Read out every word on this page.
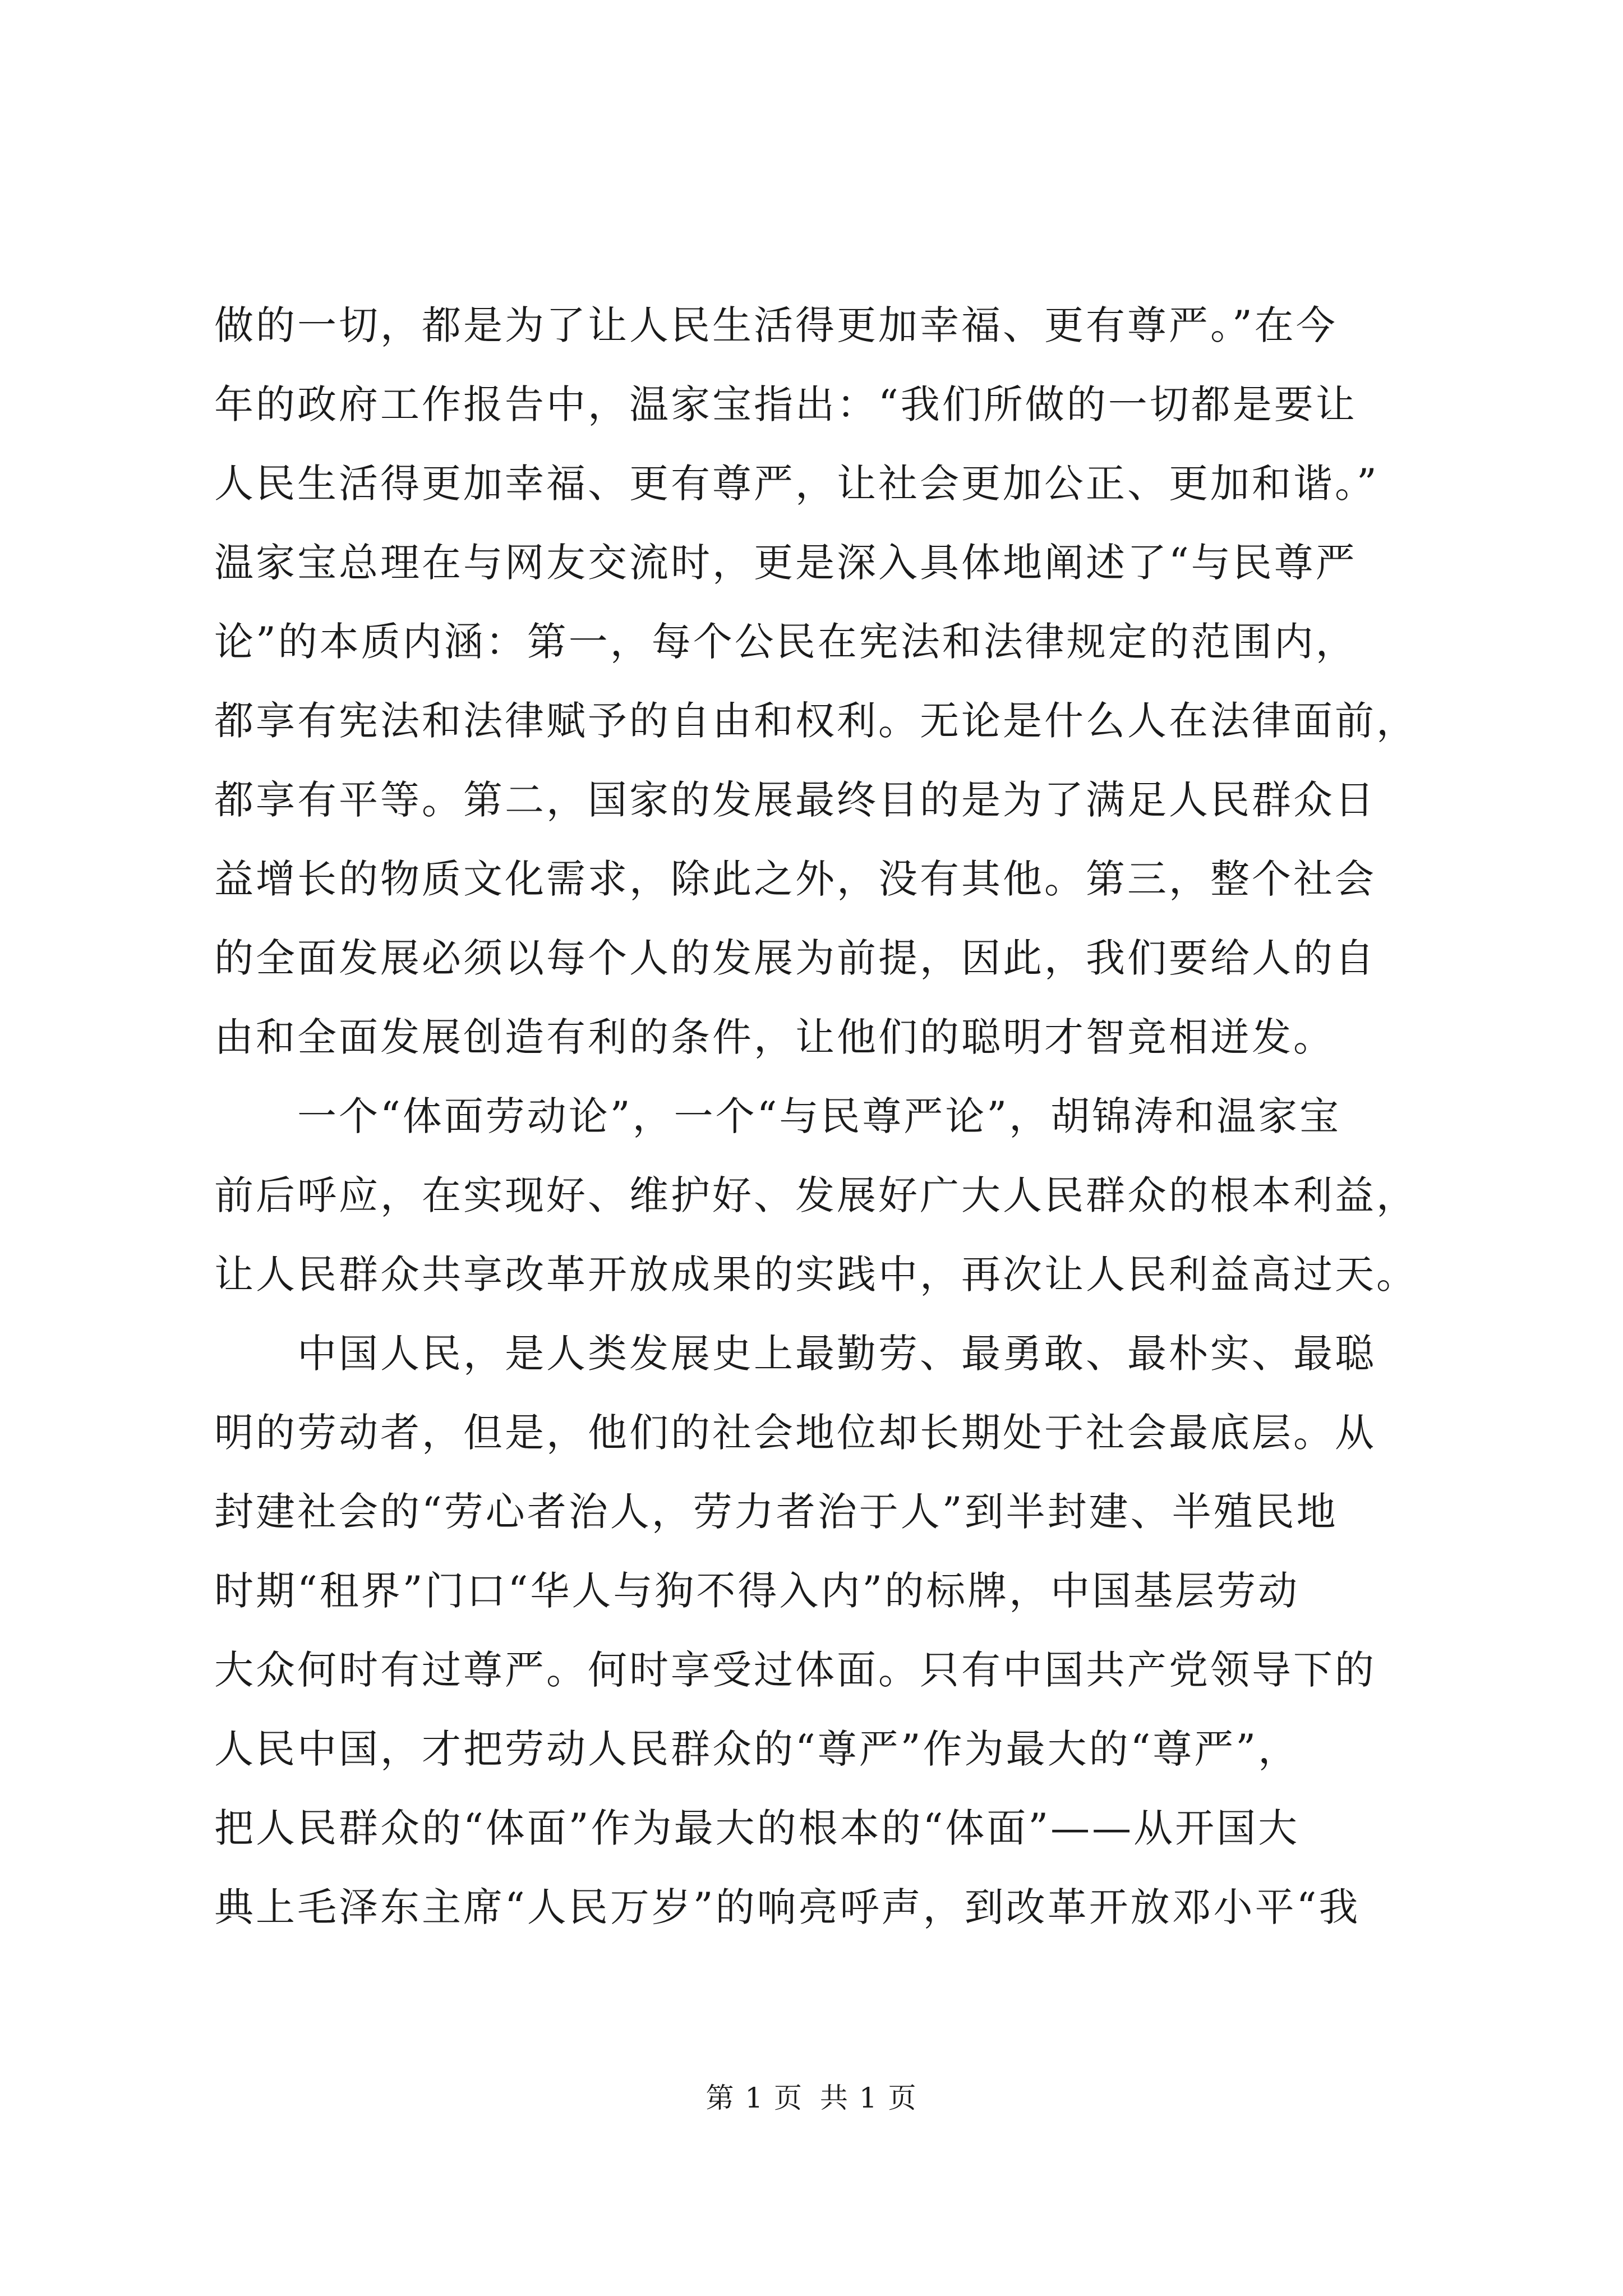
做的一切，都是为了让人民生活得更加幸福、更有尊严。”在今
年的政府工作报告中，温家宝指出：“我们所做的一切都是要让
人民生活得更加幸福、更有尊严，让社会更加公正、更加和谐。”
温家宝总理在与网友交流时，更是深入具体地阐述了“与民尊严
论”的本质内涵：第一，每个公民在宪法和法律规定的范围内，
都享有宪法和法律赋予的自由和权利。无论是什么人在法律面前，
都享有平等。第二，国家的发展最终目的是为了满足人民群众日
益增长的物质文化需求，除此之外，没有其他。第三，整个社会
的全面发展必须以每个人的发展为前提，因此，我们要给人的自
由和全面发展创造有利的条件，让他们的聪明才智竞相迸发。
　　一个“体面劳动论”，一个“与民尊严论”，胡锦涛和温家宝
前后呼应，在实现好、维护好、发展好广大人民群众的根本利益，
让人民群众共享改革开放成果的实践中，再次让人民利益高过天。
　　中国人民，是人类发展史上最勤劳、最勇敢、最朴实、最聪
明的劳动者，但是，他们的社会地位却长期处于社会最底层。从
封建社会的“劳心者治人，劳力者治于人”到半封建、半殖民地
时期“租界”门口“华人与狗不得入内”的标牌，中国基层劳动
大众何时有过尊严。何时享受过体面。只有中国共产党领导下的
人民中国，才把劳动人民群众的“尊严”作为最大的“尊严”，
把人民群众的“体面”作为最大的根本的“体面”——从开国大
典上毛泽东主席“人民万岁”的响亮呼声，到改革开放邓小平“我
第 1 页 共 1 页
